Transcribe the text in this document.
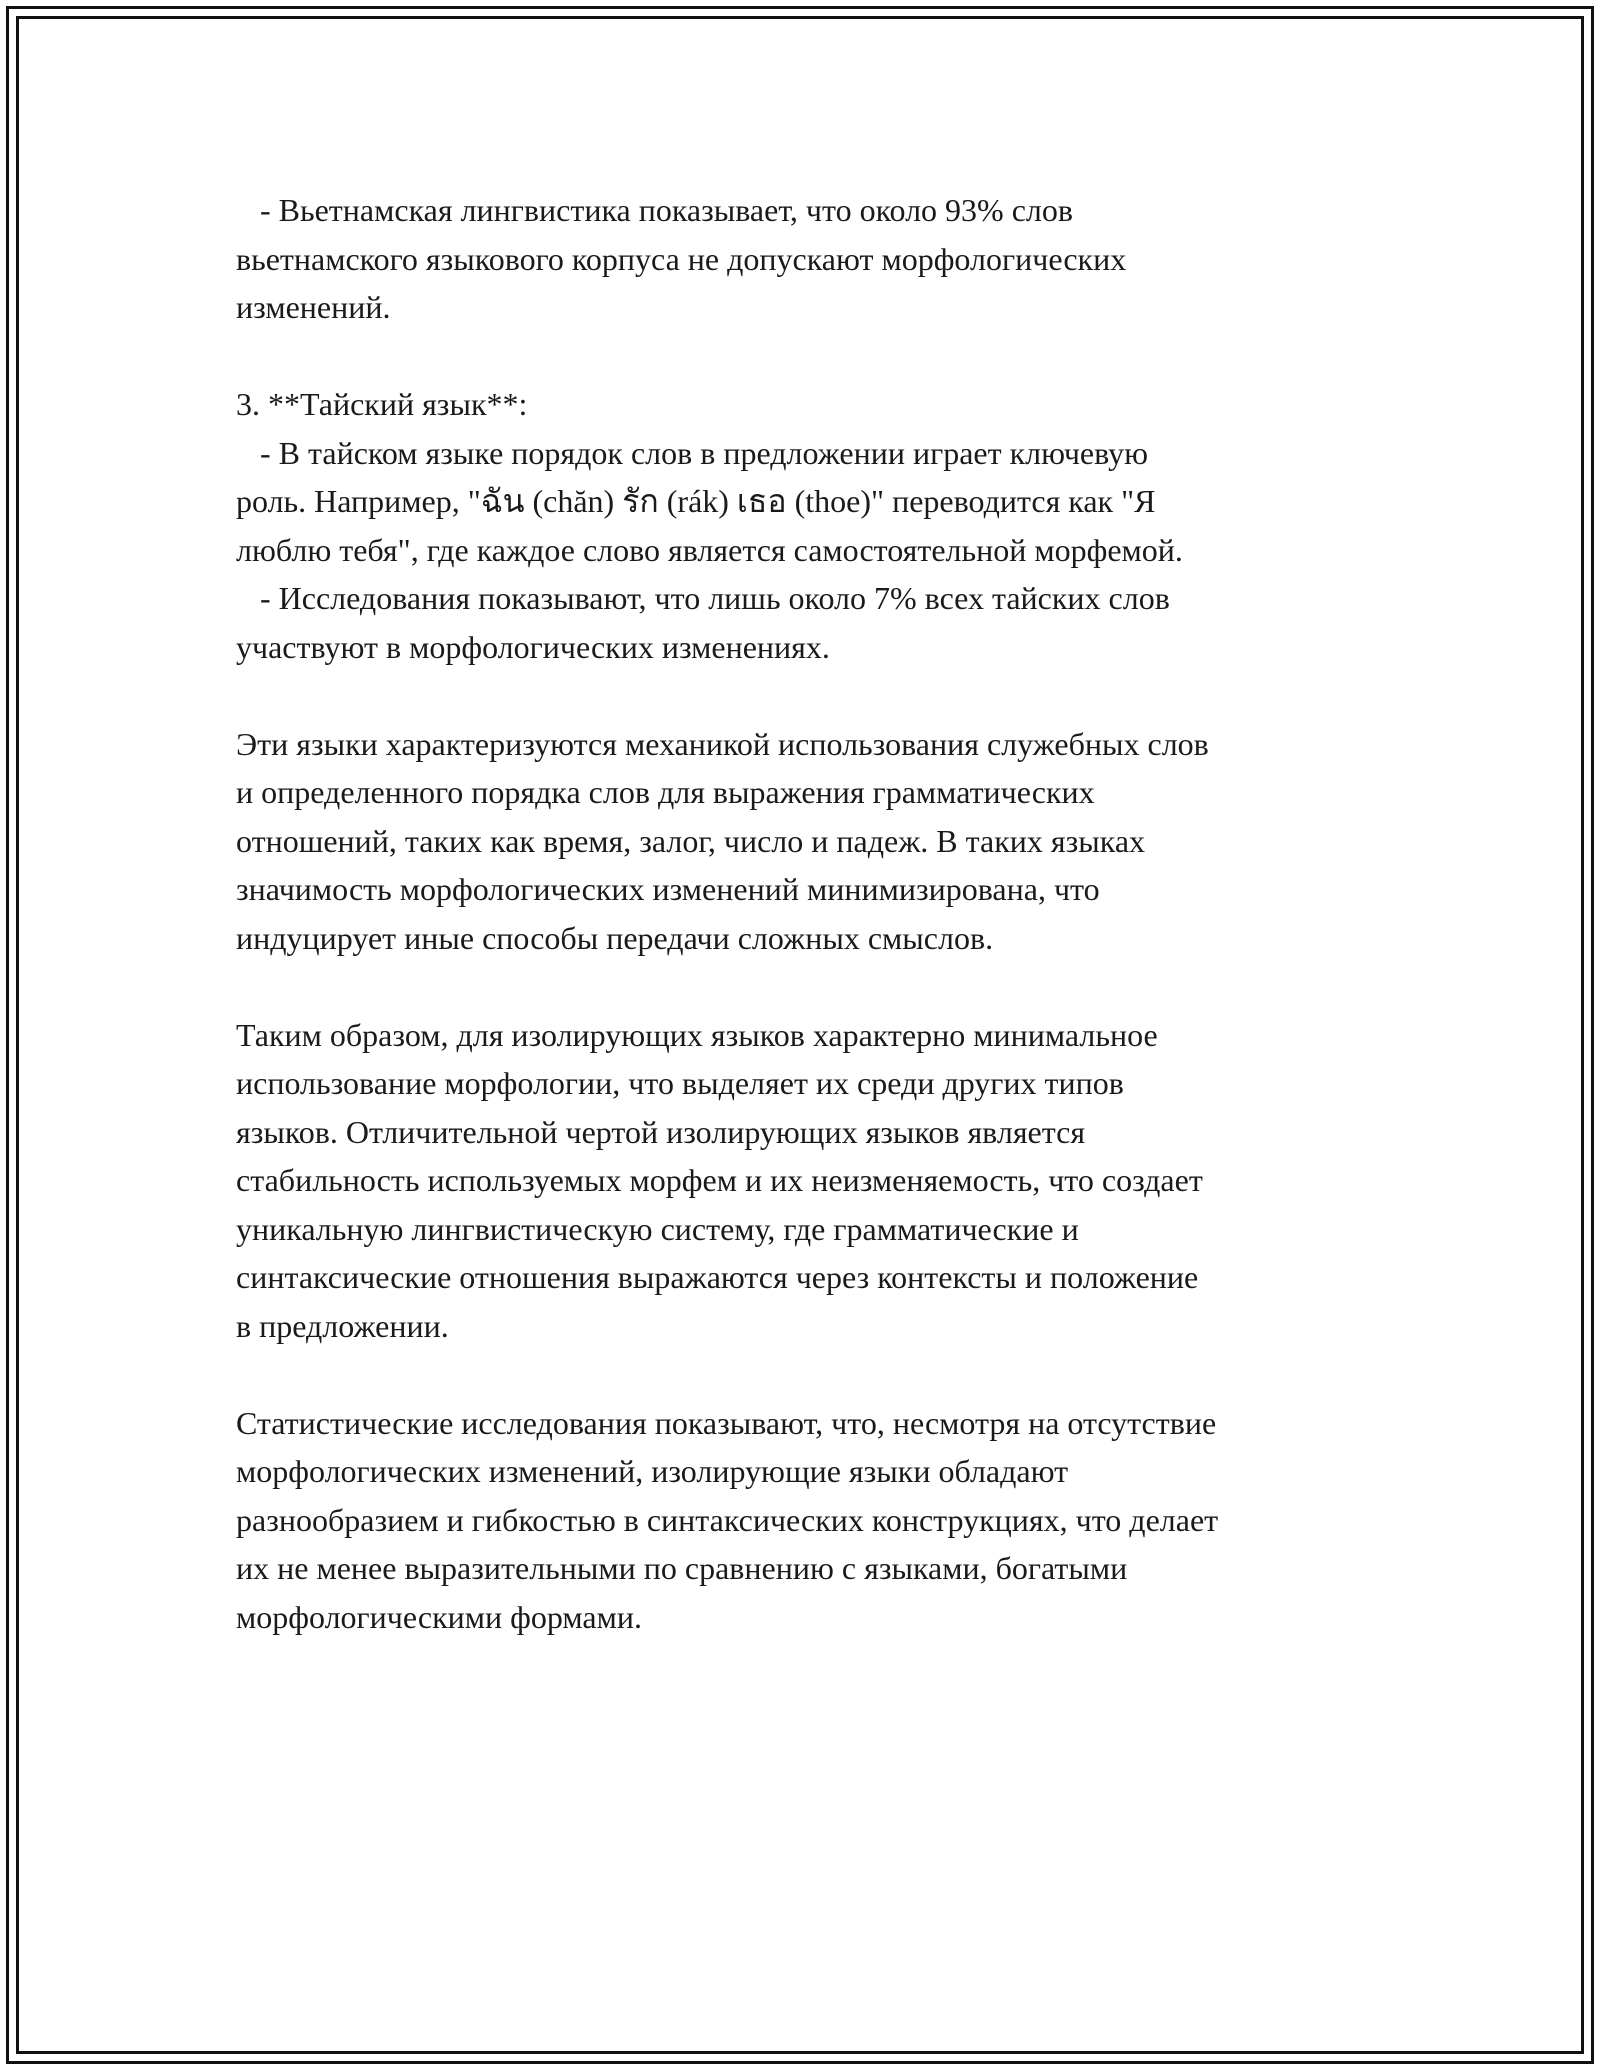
- Вьетнамская лингвистика показывает, что около 93% слов
вьетнамского языкового корпуса не допускают морфологических
изменений.

3. **Тайский язык**:
- В тайском языке порядок слов в предложении играет ключевую
роль. Например, "ฉัน (chăn) รัก (rák) เธอ (thoe)" переводится как "Я
люблю тебя", где каждое слово является самостоятельной морфемой.
- Исследования показывают, что лишь около 7% всех тайских слов
участвуют в морфологических изменениях.

Эти языки характеризуются механикой использования служебных слов
и определенного порядка слов для выражения грамматических
отношений, таких как время, залог, число и падеж. В таких языках
значимость морфологических изменений минимизирована, что
индуцирует иные способы передачи сложных смыслов.

Таким образом, для изолирующих языков характерно минимальное
использование морфологии, что выделяет их среди других типов
языков. Отличительной чертой изолирующих языков является
стабильность используемых морфем и их неизменяемость, что создает
уникальную лингвистическую систему, где грамматические и
синтаксические отношения выражаются через контексты и положение
в предложении.

Статистические исследования показывают, что, несмотря на отсутствие
морфологических изменений, изолирующие языки обладают
разнообразием и гибкостью в синтаксических конструкциях, что делает
их не менее выразительными по сравнению с языками, богатыми
морфологическими формами.
